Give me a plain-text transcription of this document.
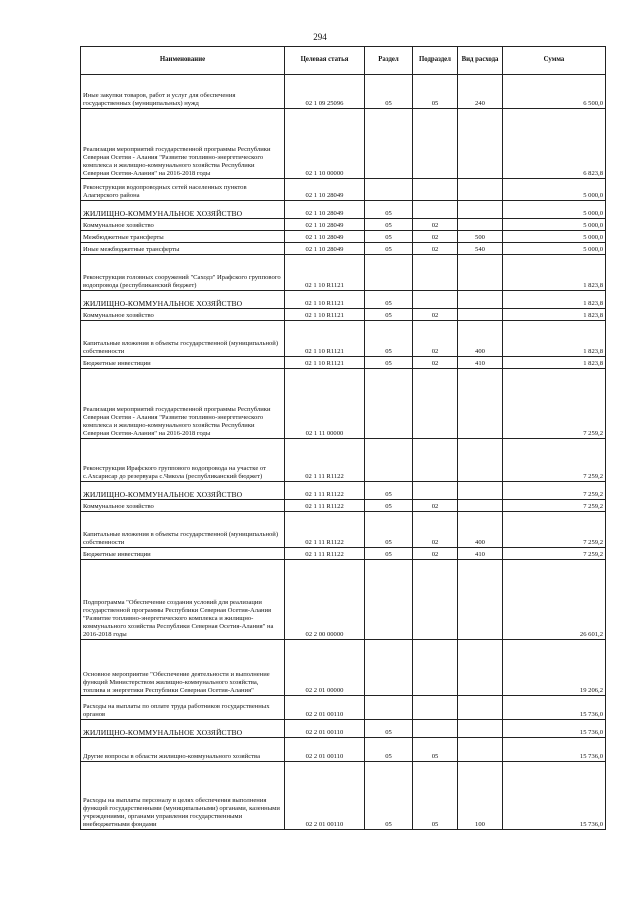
294
Наименование	Целевая статья	Раздел	Подраздел	Вид расхода	Сумма
Иные закупки товаров, работ и услуг для обеспечения государственных (муниципальных) нужд	02 1 09 25096	05	05	240	6 500,0
Реализация мероприятий государственной программы Республики Северная Осетия - Алания "Развитие топливно-энергетического комплекса и жилищно-коммунального хозяйства Республики Северная Осетия-Алания" на 2016-2018 годы	02 1 10 00000				6 823,8
Реконструкция водопроводных сетей населенных пунктов Алагирского района	02 1 10 28049				5 000,0
ЖИЛИЩНО-КОММУНАЛЬНОЕ ХОЗЯЙСТВО	02 1 10 28049	05			5 000,0
Коммунальное хозяйство	02 1 10 28049	05	02		5 000,0
Межбюджетные трансферты	02 1 10 28049	05	02	500	5 000,0
Иные межбюджетные трансферты	02 1 10 28049	05	02	540	5 000,0
Реконструкция головных сооружений "Саходз" Ирафского группового водопровода (республиканский бюджет)	02 1 10 R1121				1 823,8
ЖИЛИЩНО-КОММУНАЛЬНОЕ ХОЗЯЙСТВО	02 1 10 R1121	05			1 823,8
Коммунальное хозяйство	02 1 10 R1121	05	02		1 823,8
Капитальные вложения в объекты государственной (муниципальной) собственности	02 1 10 R1121	05	02	400	1 823,8
Бюджетные инвестиции	02 1 10 R1121	05	02	410	1 823,8
Реализация мероприятий государственной программы Республики Северная Осетия - Алания "Развитие топливно-энергетического комплекса и жилищно-коммунального хозяйства Республики Северная Осетия-Алания" на 2016-2018 годы	02 1 11 00000				7 259,2
Реконструкция Ирафского группового водопровода на участке от с.Ахсарисар до резервуара с.Чикола (республиканский бюджет)	02 1 11 R1122				7 259,2
ЖИЛИЩНО-КОММУНАЛЬНОЕ ХОЗЯЙСТВО	02 1 11 R1122	05			7 259,2
Коммунальное хозяйство	02 1 11 R1122	05	02		7 259,2
Капитальные вложения в объекты государственной (муниципальной) собственности	02 1 11 R1122	05	02	400	7 259,2
Бюджетные инвестиции	02 1 11 R1122	05	02	410	7 259,2
Подпрограмма "Обеспечение создания условий для реализации государственной программы Республики Северная Осетия-Алания "Развитие топливно-энергетического комплекса и жилищно-коммунального хозяйства Республики Северная Осетия-Алания" на 2016-2018 годы	02 2 00 00000				26 601,2
Основное мероприятие "Обеспечение деятельности и выполнение функций Министерством жилищно-коммунального хозяйства, топлива и энергетики Республики Северная Осетия-Алания"	02 2 01 00000				19 206,2
Расходы на выплаты по оплате труда работников государственных органов	02 2 01 00110				15 736,0
ЖИЛИЩНО-КОММУНАЛЬНОЕ ХОЗЯЙСТВО	02 2 01 00110	05			15 736,0
Другие вопросы в области жилищно-коммунального хозяйства	02 2 01 00110	05	05		15 736,0
Расходы на выплаты персоналу в целях обеспечения выполнения функций государственными (муниципальными) органами, казенными учреждениями, органами управления государственными внебюджетными фондами	02 2 01 00110	05	05	100	15 736,0
